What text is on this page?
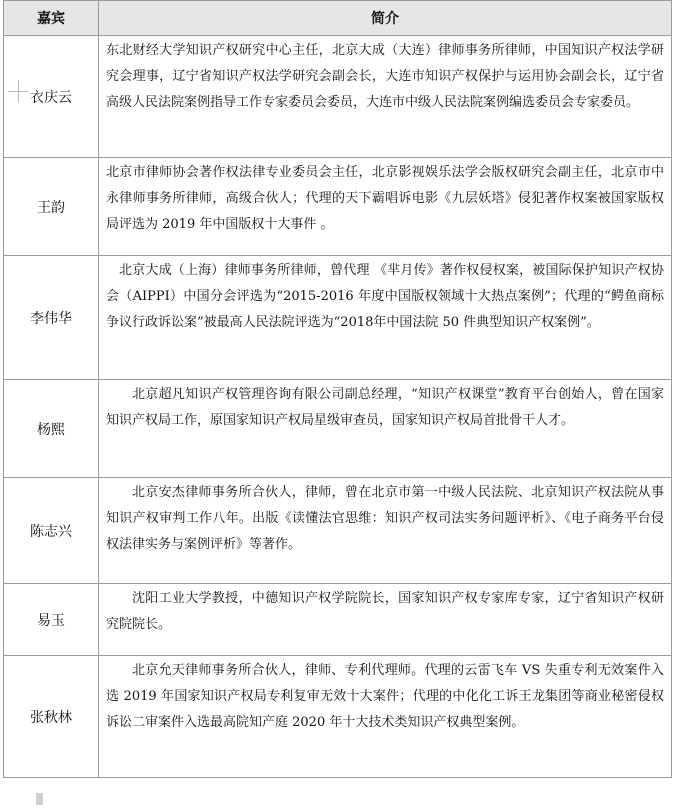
嘉宾	简介
衣庆云	东北财经大学知识产权研究中心主任，北京大成（大连）律师事务所律师，中国知识产权法学研究会理事，辽宁省知识产权法学研究会副会长，大连市知识产权保护与运用协会副会长，辽宁省高级人民法院案例指导工作专家委员会委员，大连市中级人民法院案例编选委员会专家委员。
王韵	北京市律师协会著作权法律专业委员会主任，北京影视娱乐法学会版权研究会副主任，北京市中永律师事务所律师，高级合伙人；代理的天下霸唱诉电影《九层妖塔》侵犯著作权案被国家版权局评选为 2019 年中国版权十大事件 。
李伟华	北京大成（上海）律师事务所律师，曾代理 《芈月传》著作权侵权案，被国际保护知识产权协会（AIPPI）中国分会评选为“2015-2016 年度中国版权领域十大热点案例”；代理的“鳄鱼商标争议行政诉讼案”被最高人民法院评选为“2018年中国法院 50 件典型知识产权案例”。
杨熙	北京超凡知识产权管理咨询有限公司副总经理，“知识产权课堂”教育平台创始人，曾在国家知识产权局工作，原国家知识产权局星级审查员，国家知识产权局首批骨干人才。
陈志兴	北京安杰律师事务所合伙人，律师，曾在北京市第一中级人民法院、北京知识产权法院从事知识产权审判工作八年。出版《读懂法官思维：知识产权司法实务问题评析》、《电子商务平台侵权法律实务与案例评析》等著作。
易玉	沈阳工业大学教授，中德知识产权学院院长，国家知识产权专家库专家，辽宁省知识产权研究院院长。
张秋林	北京允天律师事务所合伙人，律师、专利代理师。代理的云雷飞车 VS 失重专利无效案件入选 2019 年国家知识产权局专利复审无效十大案件；代理的中化化工诉王龙集团等商业秘密侵权诉讼二审案件入选最高院知产庭 2020 年十大技术类知识产权典型案例。
